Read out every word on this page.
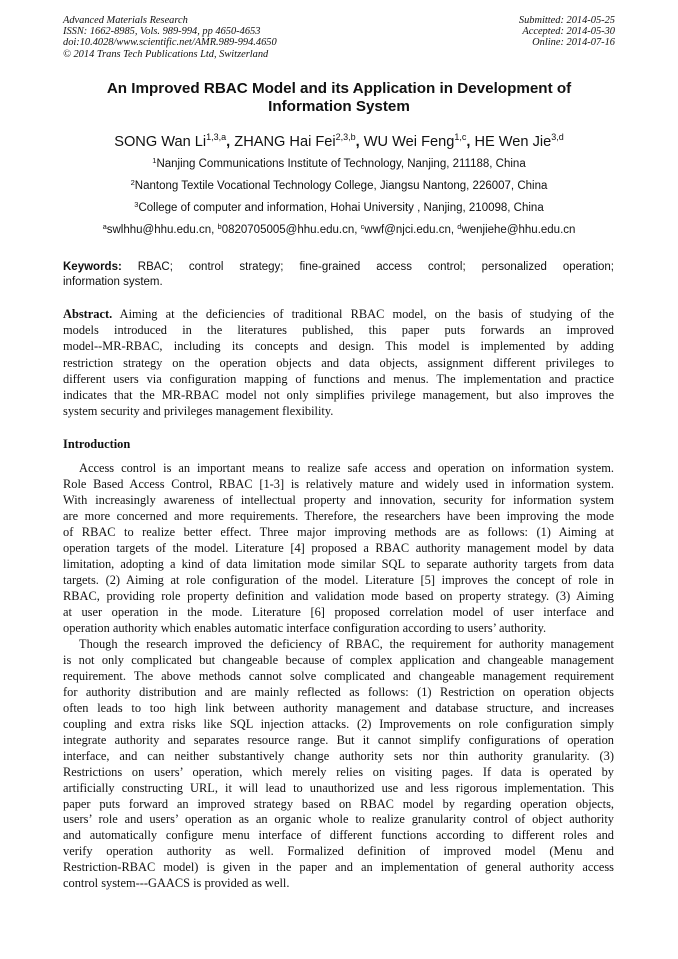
Advanced Materials Research
ISSN: 1662-8985, Vols. 989-994, pp 4650-4653
doi:10.4028/www.scientific.net/AMR.989-994.4650
© 2014 Trans Tech Publications Ltd, Switzerland
Submitted: 2014-05-25
Accepted: 2014-05-30
Online: 2014-07-16
An Improved RBAC Model and its Application in Development of
Information System
SONG Wan Li$^{1,3,a}$, ZHANG Hai Fei$^{2,3,b}$, WU Wei Feng$^{1,c}$, HE Wen Jie$^{3,d}$
$^1$Nanjing Communications Institute of Technology, Nanjing, 211188, China
$^2$Nantong Textile Vocational Technology College, Jiangsu Nantong, 226007, China
$^3$College of computer and information, Hohai University , Nanjing, 210098, China
$^a$swlhhu@hhu.edu.cn, $^b$0820705005@hhu.edu.cn, $^c$wwf@njci.edu.cn, $^d$wenjiehe@hhu.edu.cn
Keywords: RBAC; control strategy; fine-grained access control; personalized operation;
information system.
Abstract. Aiming at the deficiencies of traditional RBAC model, on the basis of studying of the
models introduced in the literatures published, this paper puts forwards an improved
model--MR-RBAC, including its concepts and design. This model is implemented by adding
restriction strategy on the operation objects and data objects, assignment different privileges to
different users via configuration mapping of functions and menus. The implementation and practice
indicates that the MR-RBAC model not only simplifies privilege management, but also improves the
system security and privileges management flexibility.
Introduction
Access control is an important means to realize safe access and operation on information system.
Role Based Access Control, RBAC [1-3] is relatively mature and widely used in information system.
With increasingly awareness of intellectual property and innovation, security for information system
are more concerned and more requirements. Therefore, the researchers have been improving the mode
of RBAC to realize better effect. Three major improving methods are as follows: (1) Aiming at
operation targets of the model. Literature [4] proposed a RBAC authority management model by data
limitation, adopting a kind of data limitation mode similar SQL to separate authority targets from data
targets. (2) Aiming at role configuration of the model. Literature [5] improves the concept of role in
RBAC, providing role property definition and validation mode based on property strategy. (3) Aiming
at user operation in the mode. Literature [6] proposed correlation model of user interface and
operation authority which enables automatic interface configuration according to users’ authority.
Though the research improved the deficiency of RBAC, the requirement for authority management
is not only complicated but changeable because of complex application and changeable management
requirement. The above methods cannot solve complicated and changeable management requirement
for authority distribution and are mainly reflected as follows: (1) Restriction on operation objects
often leads to too high link between authority management and database structure, and increases
coupling and extra risks like SQL injection attacks. (2) Improvements on role configuration simply
integrate authority and separates resource range. But it cannot simplify configurations of operation
interface, and can neither substantively change authority sets nor thin authority granularity. (3)
Restrictions on users’ operation, which merely relies on visiting pages. If data is operated by
artificially constructing URL, it will lead to unauthorized use and less rigorous implementation. This
paper puts forward an improved strategy based on RBAC model by regarding operation objects,
users’ role and users’ operation as an organic whole to realize granularity control of object authority
and automatically configure menu interface of different functions according to different roles and
verify operation authority as well. Formalized definition of improved model (Menu and
Restriction-RBAC model) is given in the paper and an implementation of general authority access
control system---GAACS is provided as well.
